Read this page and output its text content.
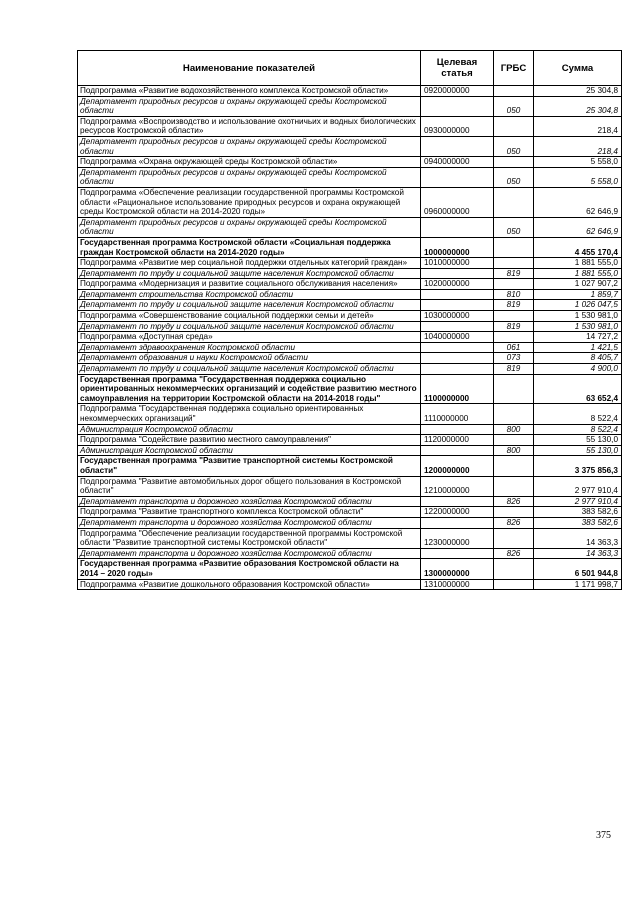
Наименование показателей	Целевая статья	ГРБС	Сумма
Подпрограмма «Развитие водохозяйственного комплекса Костромской области»	0920000000		25 304,8
Департамент природных ресурсов и охраны окружающей среды Костромской области		050	25 304,8
Подпрограмма «Воспроизводство и использование охотничьих и водных биологических ресурсов Костромской области»	0930000000		218,4
Департамент природных ресурсов и охраны окружающей среды Костромской области		050	218,4
Подпрограмма «Охрана окружающей среды Костромской области»	0940000000		5 558,0
Департамент природных ресурсов и охраны окружающей среды Костромской области		050	5 558,0
Подпрограмма «Обеспечение реализации государственной программы Костромской области «Рациональное использование природных ресурсов и охрана окружающей среды Костромской области на 2014-2020 годы»	0960000000		62 646,9
Департамент природных ресурсов и охраны окружающей среды Костромской области		050	62 646,9
Государственная программа Костромской области «Социальная поддержка граждан Костромской области на 2014-2020 годы»	1000000000		4 455 170,4
Подпрограмма «Развитие мер социальной поддержки отдельных категорий граждан»	1010000000		1 881 555,0
Департамент по труду и социальной защите населения Костромской области		819	1 881 555,0
Подпрограмма «Модернизация и развитие социального обслуживания населения»	1020000000		1 027 907,2
Департамент строительства Костромской области		810	1 859,7
Департамент по труду и социальной защите населения Костромской области		819	1 026 047,5
Подпрограмма «Совершенствование социальной поддержки семьи и детей»	1030000000		1 530 981,0
Департамент по труду и социальной защите населения Костромской области		819	1 530 981,0
Подпрограмма «Доступная среда»	1040000000		14 727,2
Департамент здравоохранения Костромской области		061	1 421,5
Департамент образования и науки Костромской области		073	8 405,7
Департамент по труду и социальной защите населения Костромской области		819	4 900,0
Государственная программа "Государственная поддержка социально ориентированных некоммерческих организаций и содействие развитию местного самоуправления на территории Костромской области на 2014-2018 годы"	1100000000		63 652,4
Подпрограмма "Государственная поддержка социально ориентированных некоммерческих организаций"	1110000000		8 522,4
Администрация Костромской области		800	8 522,4
Подпрограмма "Содействие развитию местного самоуправления"	1120000000		55 130,0
Администрация Костромской области		800	55 130,0
Государственная программа "Развитие транспортной системы Костромской области"	1200000000		3 375 856,3
Подпрограмма "Развитие автомобильных дорог общего пользования в Костромской области"	1210000000		2 977 910,4
Департамент транспорта и дорожного хозяйства Костромской области		826	2 977 910,4
Подпрограмма "Развитие транспортного комплекса Костромской области"	1220000000		383 582,6
Департамент транспорта и дорожного хозяйства Костромской области		826	383 582,6
Подпрограмма "Обеспечение реализации государственной программы Костромской области "Развитие транспортной системы Костромской области"	1230000000		14 363,3
Департамент транспорта и дорожного хозяйства Костромской области		826	14 363,3
Государственная программа «Развитие образования Костромской области на 2014 – 2020 годы»	1300000000		6 501 944,8
Подпрограмма «Развитие дошкольного образования Костромской области»	1310000000		1 171 998,7
375
